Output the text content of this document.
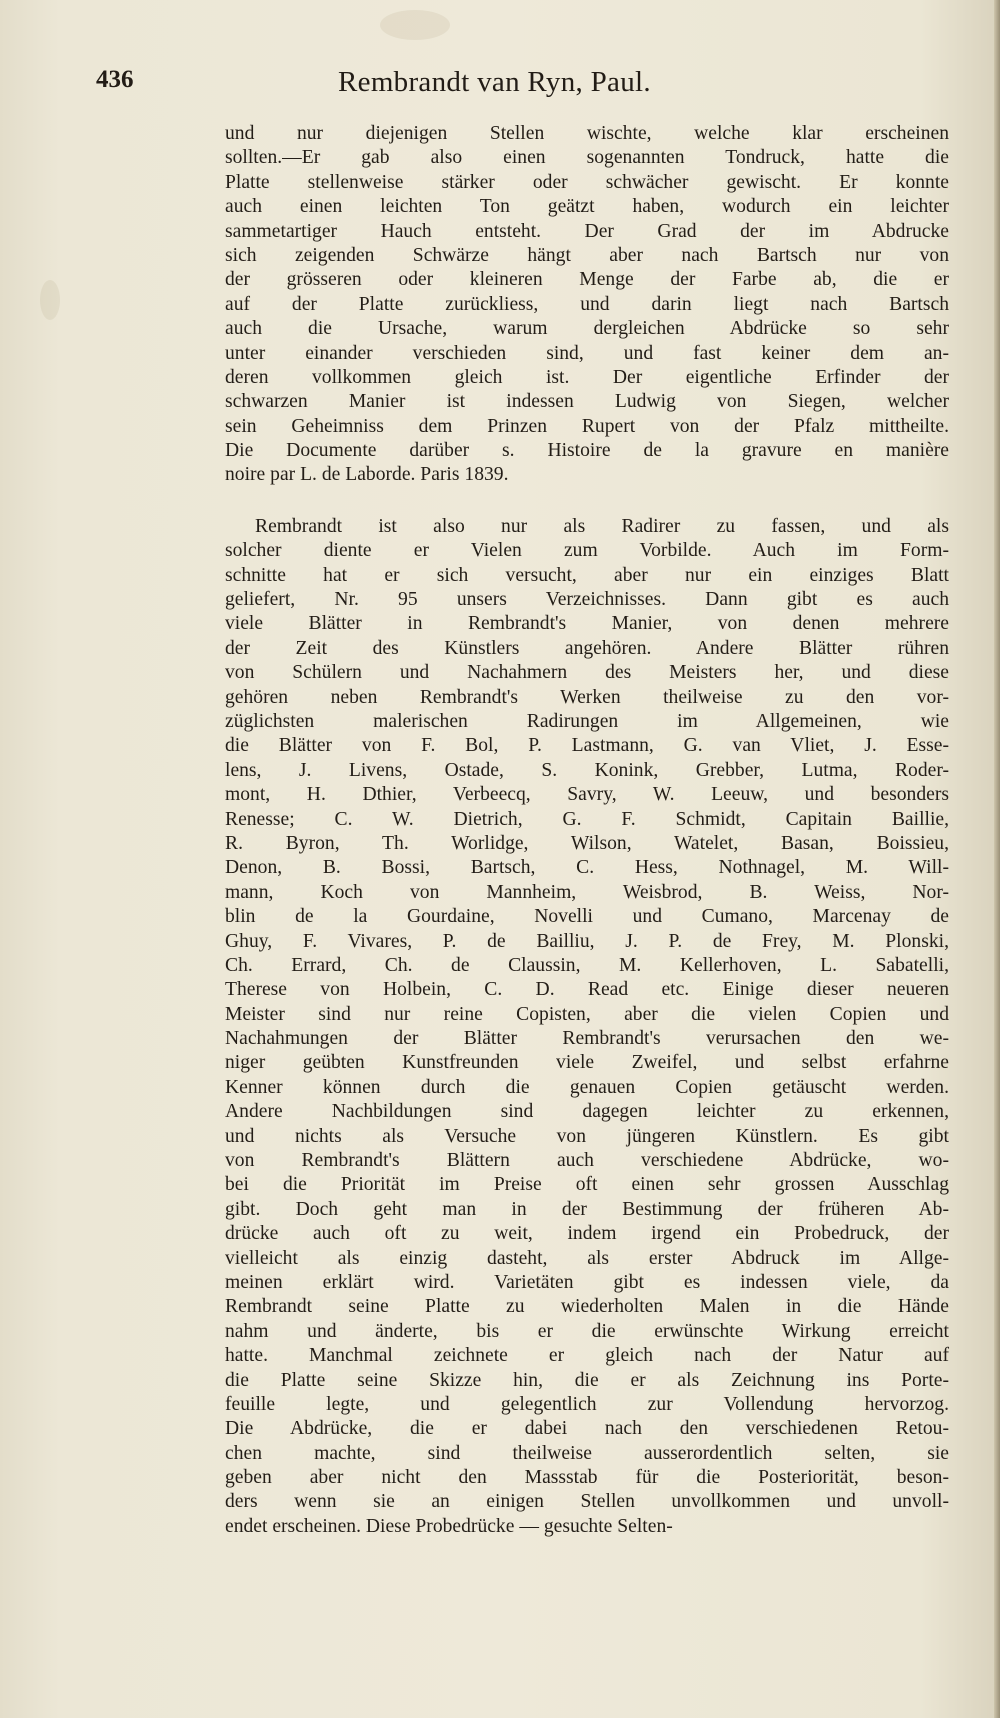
436	Rembrandt van Ryn, Paul.
und nur diejenigen Stellen wischte, welche klar erscheinen
sollten.—Er gab also einen sogenannten Tondruck, hatte die
Platte stellenweise stärker oder schwächer gewischt. Er konnte
auch einen leichten Ton geätzt haben, wodurch ein leichter
sammetartiger Hauch entsteht. Der Grad der im Abdrucke
sich zeigenden Schwärze hängt aber nach Bartsch nur von
der grösseren oder kleineren Menge der Farbe ab, die er
auf der Platte zurückliess, und darin liegt nach Bartsch
auch die Ursache, warum dergleichen Abdrücke so sehr
unter einander verschieden sind, und fast keiner dem an-
deren vollkommen gleich ist. Der eigentliche Erfinder der
schwarzen Manier ist indessen Ludwig von Siegen, welcher
sein Geheimniss dem Prinzen Rupert von der Pfalz mittheilte.
Die Documente darüber s. Histoire de la gravure en manière
noire par L. de Laborde. Paris 1839.
Rembrandt ist also nur als Radirer zu fassen, und als
solcher diente er Vielen zum Vorbilde. Auch im Form-
schnitte hat er sich versucht, aber nur ein einziges Blatt
geliefert, Nr. 95 unsers Verzeichnisses. Dann gibt es auch
viele Blätter in Rembrandt's Manier, von denen mehrere
der Zeit des Künstlers angehören. Andere Blätter rühren
von Schülern und Nachahmern des Meisters her, und diese
gehören neben Rembrandt's Werken theilweise zu den vor-
züglichsten malerischen Radirungen im Allgemeinen, wie
die Blätter von F. Bol, P. Lastmann, G. van Vliet, J. Esse-
lens, J. Livens, Ostade, S. Konink, Grebber, Lutma, Roder-
mont, H. Dthier, Verbeecq, Savry, W. Leeuw, und besonders
Renesse; C. W. Dietrich, G. F. Schmidt, Capitain Baillie,
R. Byron, Th. Worlidge, Wilson, Watelet, Basan, Boissieu,
Denon, B. Bossi, Bartsch, C. Hess, Nothnagel, M. Will-
mann, Koch von Mannheim, Weisbrod, B. Weiss, Nor-
blin de la Gourdaine, Novelli und Cumano, Marcenay de
Ghuy, F. Vivares, P. de Bailliu, J. P. de Frey, M. Plonski,
Ch. Errard, Ch. de Claussin, M. Kellerhoven, L. Sabatelli,
Therese von Holbein, C. D. Read etc. Einige dieser neueren
Meister sind nur reine Copisten, aber die vielen Copien und
Nachahmungen der Blätter Rembrandt's verursachen den we-
niger geübten Kunstfreunden viele Zweifel, und selbst erfahrne
Kenner können durch die genauen Copien getäuscht werden.
Andere Nachbildungen sind dagegen leichter zu erkennen,
und nichts als Versuche von jüngeren Künstlern. Es gibt
von Rembrandt's Blättern auch verschiedene Abdrücke, wo-
bei die Priorität im Preise oft einen sehr grossen Ausschlag
gibt. Doch geht man in der Bestimmung der früheren Ab-
drücke auch oft zu weit, indem irgend ein Probedruck, der
vielleicht als einzig dasteht, als erster Abdruck im Allge-
meinen erklärt wird. Varietäten gibt es indessen viele, da
Rembrandt seine Platte zu wiederholten Malen in die Hände
nahm und änderte, bis er die erwünschte Wirkung erreicht
hatte. Manchmal zeichnete er gleich nach der Natur auf
die Platte seine Skizze hin, die er als Zeichnung ins Porte-
feuille legte, und gelegentlich zur Vollendung hervorzog.
Die Abdrücke, die er dabei nach den verschiedenen Retou-
chen machte, sind theilweise ausserordentlich selten, sie
geben aber nicht den Massstab für die Posteriorität, beson-
ders wenn sie an einigen Stellen unvollkommen und unvoll-
endet erscheinen. Diese Probedrücke — gesuchte Selten-
